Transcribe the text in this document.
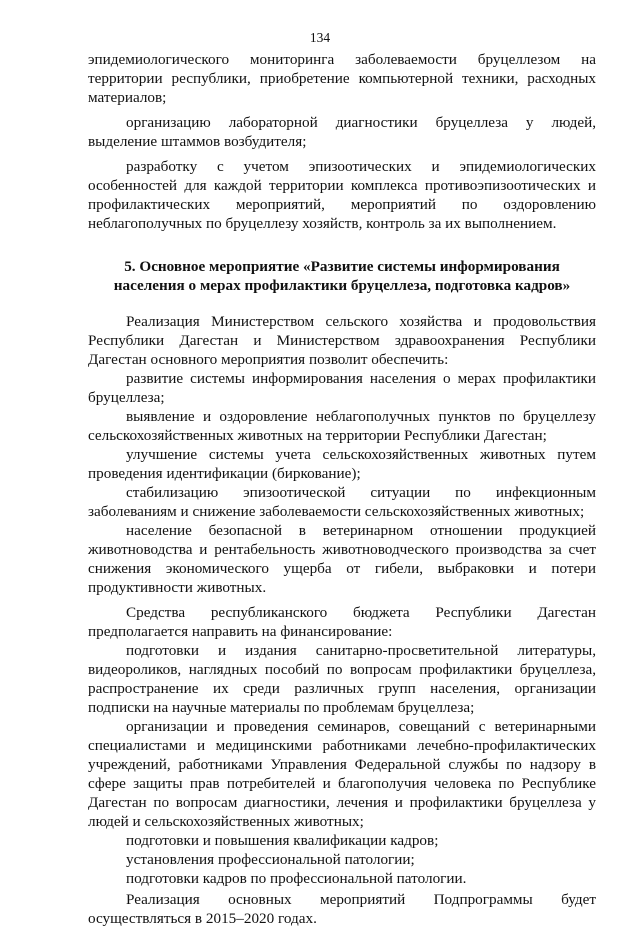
134

эпидемиологического мониторинга заболеваемости бруцеллезом на территории республики, приобретение компьютерной техники, расходных материалов;

организацию лабораторной диагностики бруцеллеза у людей, выделение штаммов возбудителя;

разработку с учетом эпизоотических и эпидемиологических особенностей для каждой территории комплекса противоэпизоотических и профилактических мероприятий, мероприятий по оздоровлению неблагополучных по бруцеллезу хозяйств, контроль за их выполнением.

5. Основное мероприятие «Развитие системы информирования населения о мерах профилактики бруцеллеза, подготовка кадров»

Реализация Министерством сельского хозяйства и продовольствия Республики Дагестан и Министерством здравоохранения Республики Дагестан основного мероприятия позволит обеспечить:

развитие системы информирования населения о мерах профилактики бруцеллеза;

выявление и оздоровление неблагополучных пунктов по бруцеллезу сельскохозяйственных животных на территории Республики Дагестан;

улучшение системы учета сельскохозяйственных животных путем проведения идентификации (биркование);

стабилизацию эпизоотической ситуации по инфекционным заболеваниям и снижение заболеваемости сельскохозяйственных животных;

население безопасной в ветеринарном отношении продукцией животноводства и рентабельность животноводческого производства за счет снижения экономического ущерба от гибели, выбраковки и потери продуктивности животных.

Средства республиканского бюджета Республики Дагестан предполагается направить на финансирование:

подготовки и издания санитарно-просветительной литературы, видеороликов, наглядных пособий по вопросам профилактики бруцеллеза, распространение их среди различных групп населения, организации подписки на научные материалы по проблемам бруцеллеза;

организации и проведения семинаров, совещаний с ветеринарными специалистами и медицинскими работниками лечебно-профилактических учреждений, работниками Управления Федеральной службы по надзору в сфере защиты прав потребителей и благополучия человека по Республике Дагестан по вопросам диагностики, лечения и профилактики бруцеллеза у людей и сельскохозяйственных животных;

подготовки и повышения квалификации кадров;

установления профессиональной патологии;

подготовки кадров по профессиональной патологии.

Реализация основных мероприятий Подпрограммы будет осуществляться в 2015–2020 годах.
